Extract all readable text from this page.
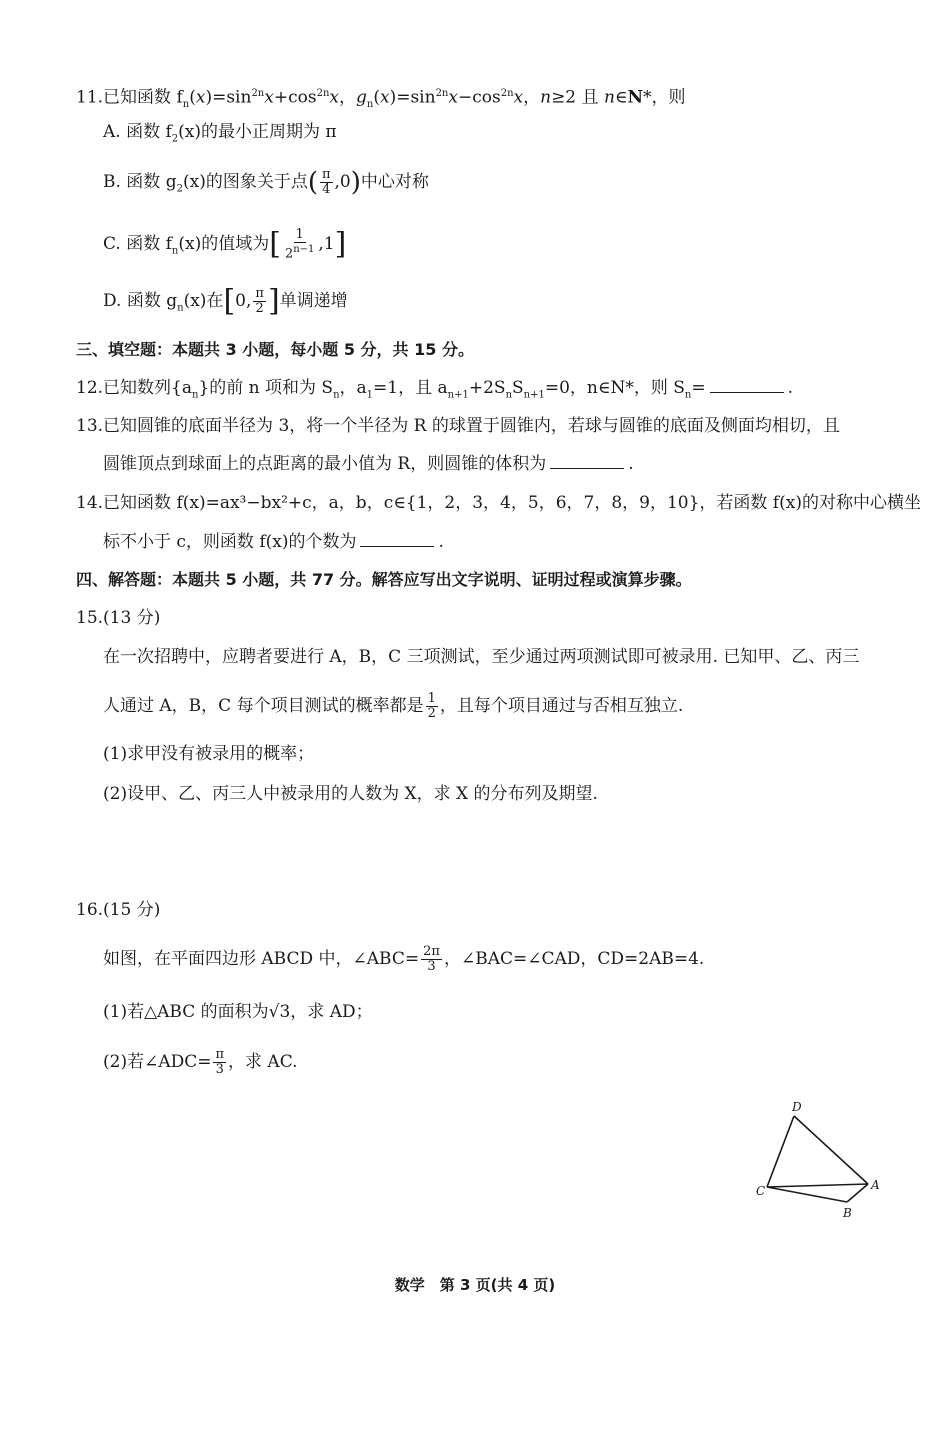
11.已知函数 $f_n(x)=\sin^{2n}x+\cos^{2n}x$，$g_n(x)=\sin^{2n}x-\cos^{2n}x$，n≥2 且 n∈N*，则
A. 函数 $f_2(x)$的最小正周期为 π
B. 函数 $g_2(x)$的图象关于点( $\frac{\pi}{4} ,0$)中心对称
C. 函数 $f_n(x)$的值域为[ $\frac{1}{2^{n-1}} ,1$]
D. 函数 $g_n(x)$在[0, $\frac{\pi}{2}$ ]单调递增
三、填空题：本题共 3 小题，每小题 5 分，共 15 分。
12.已知数列$\{a_n\}$的前 n 项和为 $S_n$，$a_1=1$，且 $a_{n+1}+2S_nS_{n+1}=0$，n∈N*，则 $S_n=$	.
13.已知圆锥的底面半径为 3，将一个半径为 R 的球置于圆锥内，若球与圆锥的底面及侧面均相切，且
圆锥顶点到球面上的点距离的最小值为 R，则圆锥的体积为	.
14.已知函数 f(x)=ax³−bx²+c，a，b，c∈{1，2，3，4，5，6，7，8，9，10}，若函数 f(x)的对称中心横坐
标不小于 c，则函数 f(x)的个数为	.
四、解答题：本题共 5 小题，共 77 分。解答应写出文字说明、证明过程或演算步骤。
15.(13 分)
在一次招聘中，应聘者要进行 A，B，C 三项测试，至少通过两项测试即可被录用. 已知甲、乙、丙三
人通过 A，B，C 每个项目测试的概率都是 $\frac{1}{2}$ ，且每个项目通过与否相互独立.
(1)求甲没有被录用的概率；
(2)设甲、乙、丙三人中被录用的人数为 X，求 X 的分布列及期望.
16.(15 分)
如图，在平面四边形 ABCD 中，∠ABC= $\frac{2\pi}{3}$ ，∠BAC=∠CAD，CD=2AB=4.
(1)若△ABC 的面积为√3，求 AD；
(2)若∠ADC= $\frac{\pi}{3}$ ，求 AC.
D
A
C
B
数学　第 3 页(共 4 页)
